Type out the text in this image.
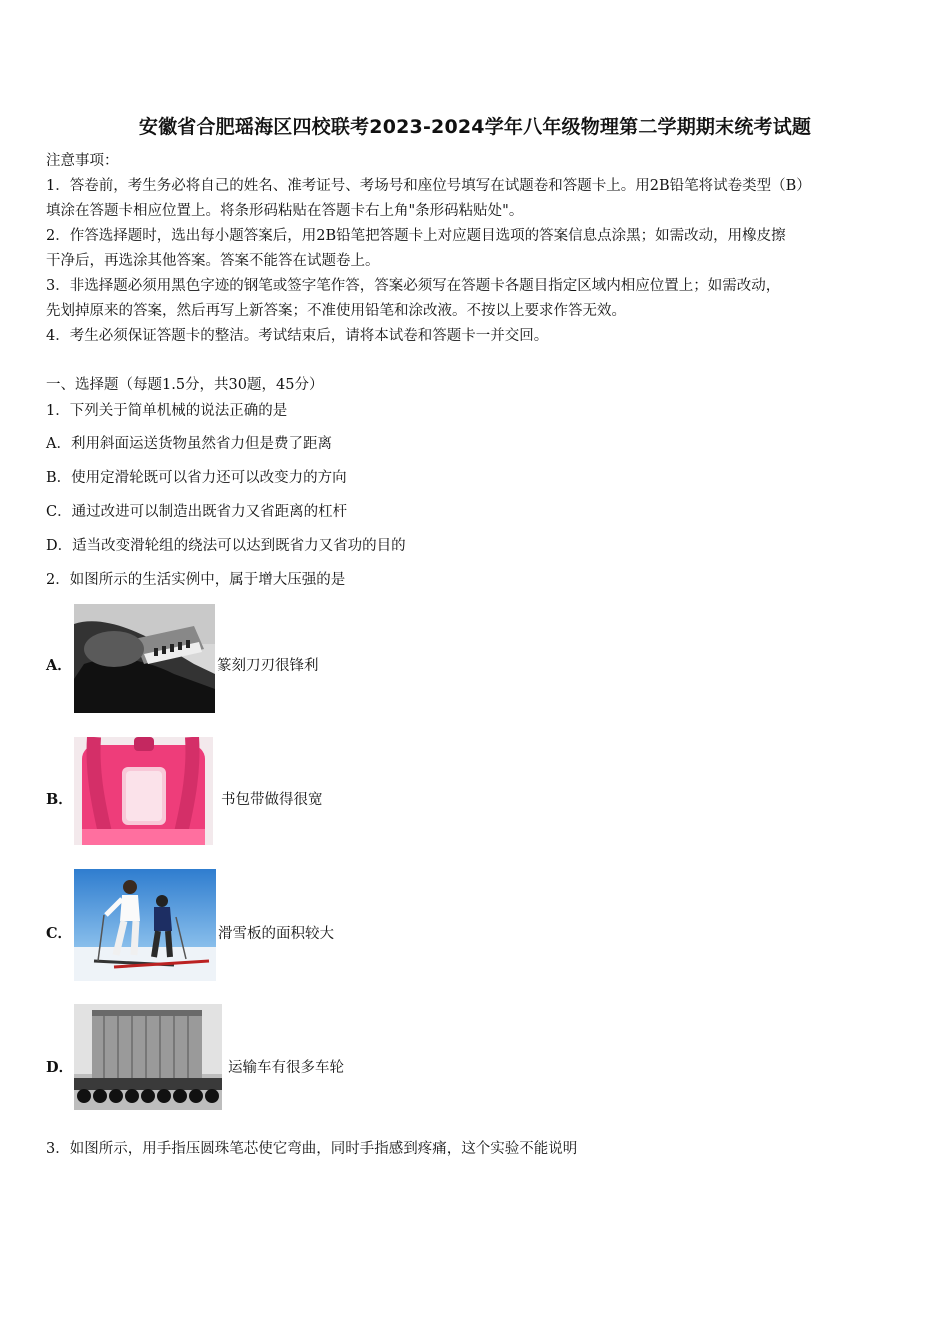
安徽省合肥瑶海区四校联考2023-2024学年八年级物理第二学期期末统考试题
注意事项：
1．答卷前，考生务必将自己的姓名、准考证号、考场号和座位号填写在试题卷和答题卡上。用2B铅笔将试卷类型（B）
填涂在答题卡相应位置上。将条形码粘贴在答题卡右上角"条形码粘贴处"。
2．作答选择题时，选出每小题答案后，用2B铅笔把答题卡上对应题目选项的答案信息点涂黑；如需改动，用橡皮擦
干净后，再选涂其他答案。答案不能答在试题卷上。
3．非选择题必须用黑色字迹的钢笔或签字笔作答，答案必须写在答题卡各题目指定区域内相应位置上；如需改动，
先划掉原来的答案，然后再写上新答案；不准使用铅笔和涂改液。不按以上要求作答无效。
4．考生必须保证答题卡的整洁。考试结束后，请将本试卷和答题卡一并交回。
一、选择题（每题1.5分，共30题，45分）
1．下列关于简单机械的说法正确的是
A．利用斜面运送货物虽然省力但是费了距离
B．使用定滑轮既可以省力还可以改变力的方向
C．通过改进可以制造出既省力又省距离的杠杆
D．适当改变滑轮组的绕法可以达到既省力又省功的目的
2．如图所示的生活实例中，属于增大压强的是
A．	篆刻刀刃很锋利
B．	书包带做得很宽
C．	滑雪板的面积较大
D．	运输车有很多车轮
3．如图所示，用手指压圆珠笔芯使它弯曲，同时手指感到疼痛，这个实验不能说明
